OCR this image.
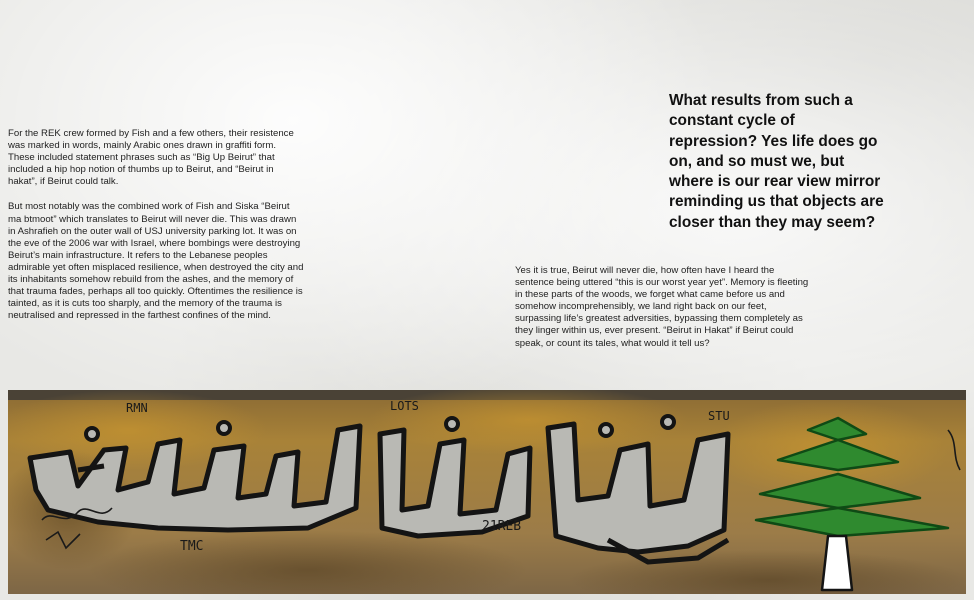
For the REK crew formed by Fish and a few others, their resistence was marked in words, mainly Arabic ones drawn in graffiti form. These included statement phrases such as “Big Up Beirut” that included a hip hop notion of thumbs up to Beirut, and “Beirut in hakat”, if Beirut could talk.

But most notably was the combined work of Fish and Siska “Beirut ma btmoot” which translates to Beirut will never die. This was drawn in Ashrafieh on the outer wall of USJ university parking lot. It was on the eve of the 2006 war with Israel, where bombings were destroying Beirut’s main infrastructure. It refers to the Lebanese peoples admirable yet often misplaced resilience, when destroyed the city and its inhabitants somehow rebuild from the ashes, and the memory of that trauma fades, perhaps all too quickly. Oftentimes the resilience is tainted, as it is cuts too sharply, and the memory of the trauma is neutralised and repressed in the farthest confines of the mind.

What results from such a constant cycle of repression? Yes life does go on, and so must we, but where is our rear view mirror reminding us that objects are closer than they may seem?

Yes it is true, Beirut will never die, how often have I heard the sentence being uttered “this is our worst year yet”. Memory is fleeting in these parts of the woods, we forget what came before us and somehow incomprehensibly, we land right back on our feet, surpassing life’s greatest adversities, bypassing them completely as they linger within us, ever present. “Beirut in Hakat” if Beirut could speak, or count its tales, what would it tell us?

RMN	LOTS
21REB
TMC
STU
